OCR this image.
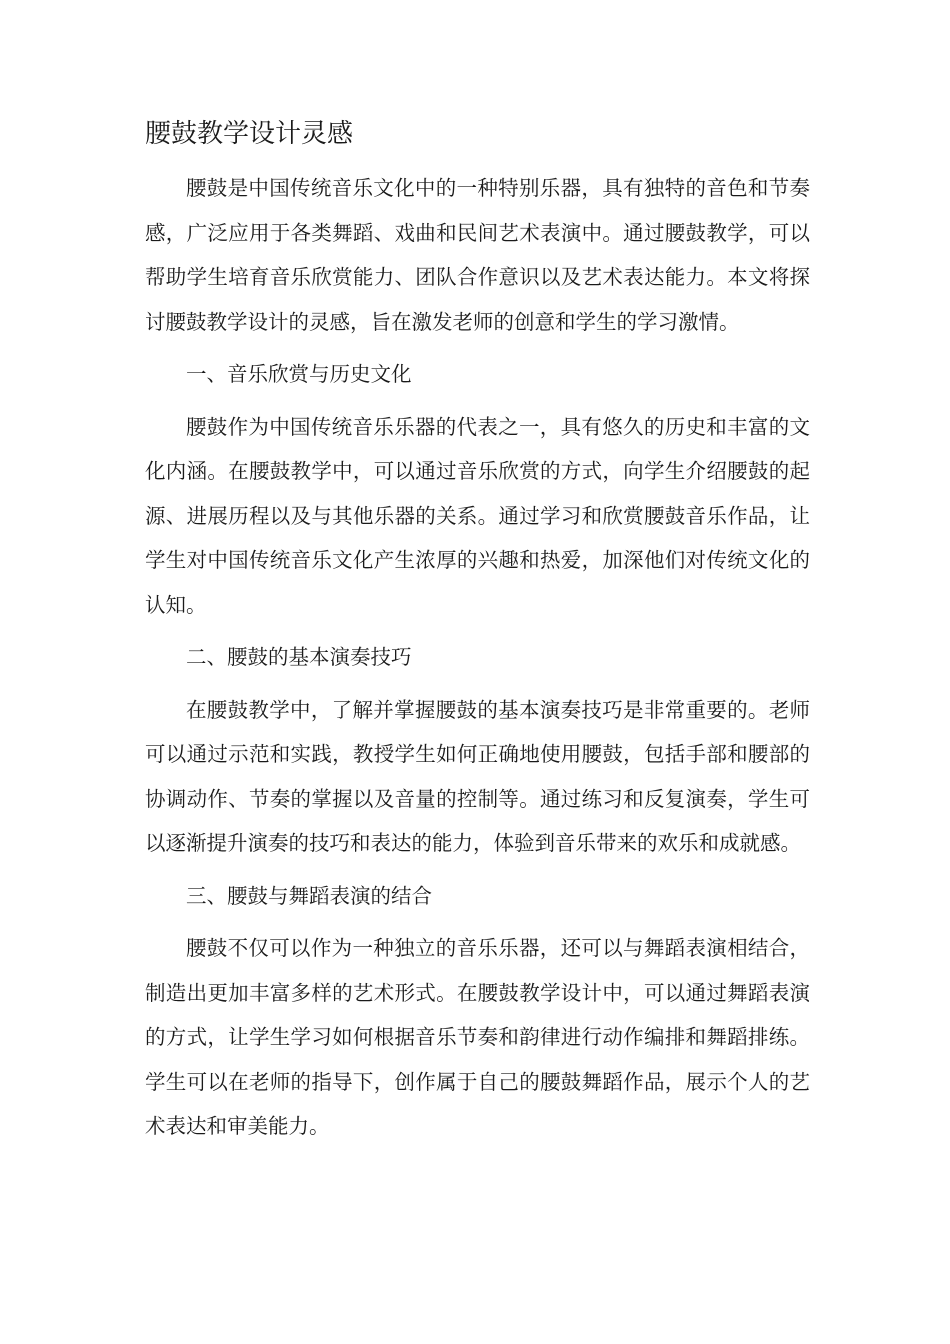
腰鼓教学设计灵感

腰鼓是中国传统音乐文化中的一种特别乐器，具有独特的音色和节奏感，广泛应用于各类舞蹈、戏曲和民间艺术表演中。通过腰鼓教学，可以帮助学生培育音乐欣赏能力、团队合作意识以及艺术表达能力。本文将探讨腰鼓教学设计的灵感，旨在激发老师的创意和学生的学习激情。

一、音乐欣赏与历史文化

腰鼓作为中国传统音乐乐器的代表之一，具有悠久的历史和丰富的文化内涵。在腰鼓教学中，可以通过音乐欣赏的方式，向学生介绍腰鼓的起源、进展历程以及与其他乐器的关系。通过学习和欣赏腰鼓音乐作品，让学生对中国传统音乐文化产生浓厚的兴趣和热爱，加深他们对传统文化的认知。

二、腰鼓的基本演奏技巧

在腰鼓教学中，了解并掌握腰鼓的基本演奏技巧是非常重要的。老师可以通过示范和实践，教授学生如何正确地使用腰鼓，包括手部和腰部的协调动作、节奏的掌握以及音量的控制等。通过练习和反复演奏，学生可以逐渐提升演奏的技巧和表达的能力，体验到音乐带来的欢乐和成就感。

三、腰鼓与舞蹈表演的结合

腰鼓不仅可以作为一种独立的音乐乐器，还可以与舞蹈表演相结合，制造出更加丰富多样的艺术形式。在腰鼓教学设计中，可以通过舞蹈表演的方式，让学生学习如何根据音乐节奏和韵律进行动作编排和舞蹈排练。学生可以在老师的指导下，创作属于自己的腰鼓舞蹈作品，展示个人的艺术表达和审美能力。
